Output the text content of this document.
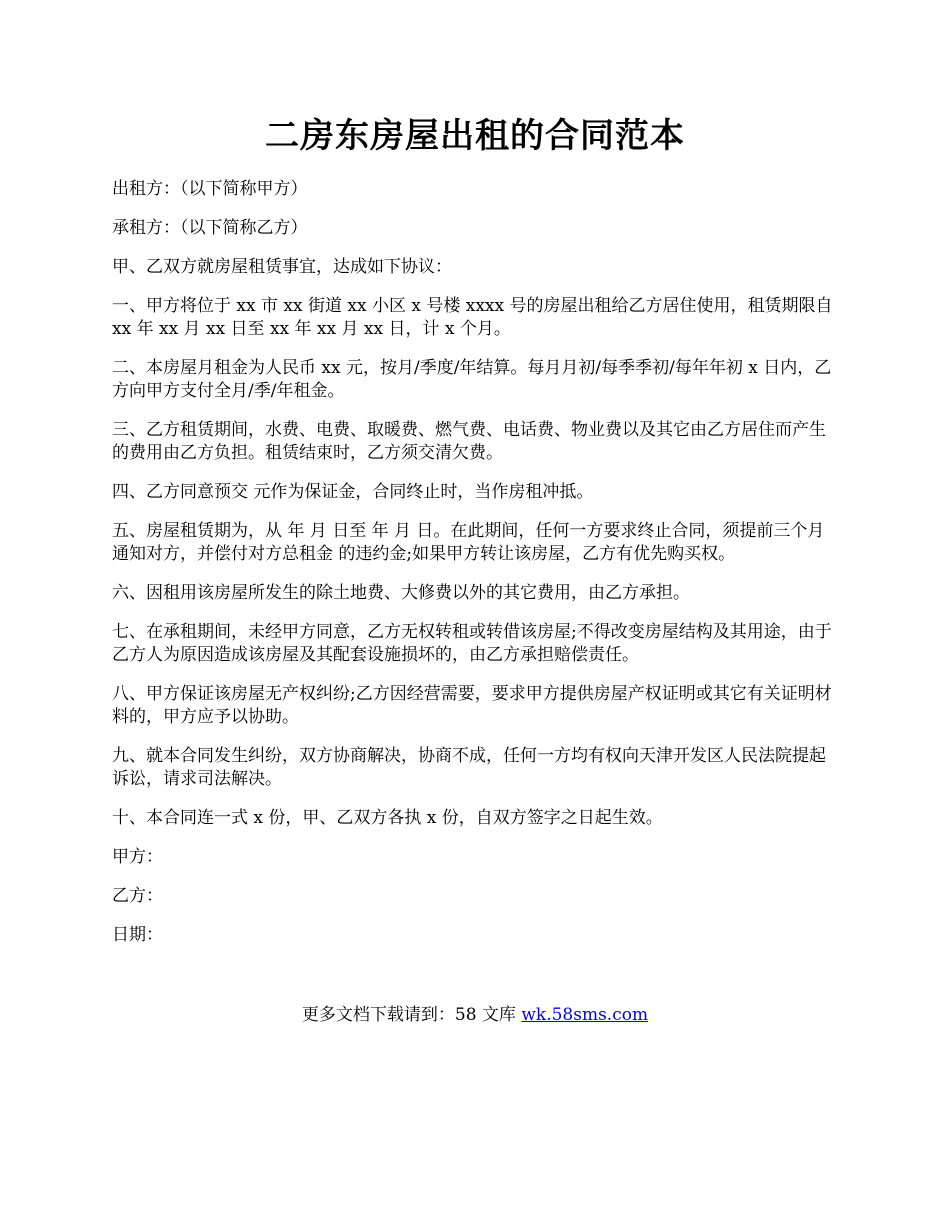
二房东房屋出租的合同范本

出租方：（以下简称甲方）

承租方：（以下简称乙方）

甲、乙双方就房屋租赁事宜，达成如下协议：

一、甲方将位于 xx 市 xx 街道 xx 小区 x 号楼 xxxx 号的房屋出租给乙方居住使用，租赁期限自 xx 年 xx 月 xx 日至 xx 年 xx 月 xx 日，计 x 个月。

二、本房屋月租金为人民币 xx 元，按月/季度/年结算。每月月初/每季季初/每年年初 x 日内，乙方向甲方支付全月/季/年租金。

三、乙方租赁期间，水费、电费、取暖费、燃气费、电话费、物业费以及其它由乙方居住而产生的费用由乙方负担。租赁结束时，乙方须交清欠费。

四、乙方同意预交 元作为保证金，合同终止时，当作房租冲抵。

五、房屋租赁期为，从 年 月 日至 年 月 日。在此期间，任何一方要求终止合同，须提前三个月通知对方，并偿付对方总租金 的违约金;如果甲方转让该房屋，乙方有优先购买权。

六、因租用该房屋所发生的除土地费、大修费以外的其它费用，由乙方承担。

七、在承租期间，未经甲方同意，乙方无权转租或转借该房屋;不得改变房屋结构及其用途，由于乙方人为原因造成该房屋及其配套设施损坏的，由乙方承担赔偿责任。

八、甲方保证该房屋无产权纠纷;乙方因经营需要，要求甲方提供房屋产权证明或其它有关证明材料的，甲方应予以协助。

九、就本合同发生纠纷，双方协商解决，协商不成，任何一方均有权向天津开发区人民法院提起诉讼，请求司法解决。

十、本合同连一式 x 份，甲、乙双方各执 x 份，自双方签字之日起生效。

甲方：

乙方：

日期：

更多文档下载请到：58 文库 wk.58sms.com
